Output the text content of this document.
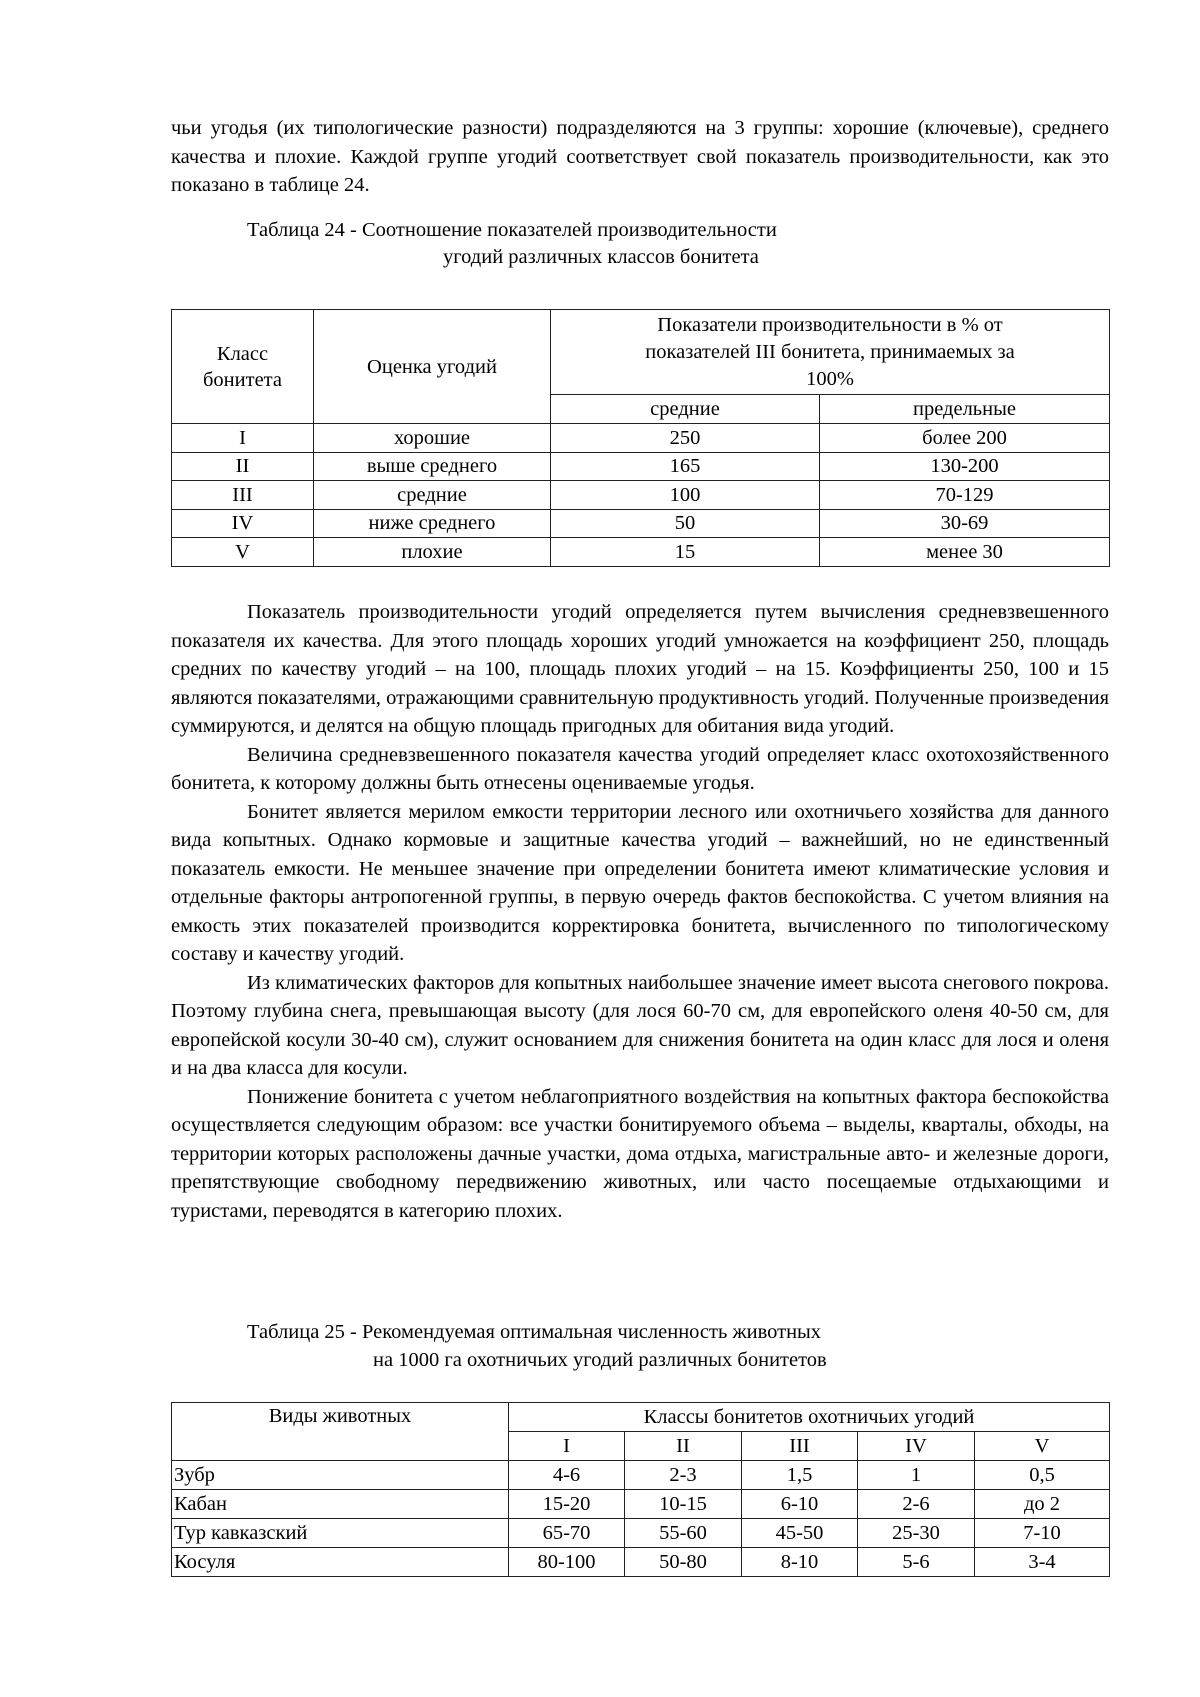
чьи угодья (их типологические разности) подразделяются на 3 группы: хорошие (ключевые), среднего качества и плохие. Каждой группе угодий соответствует свой показатель производительности, как это показано в таблице 24.

Таблица 24 - Соотношение показателей производительности
угодий различных классов бонитета
Класс бонитета	Оценка угодий	Показатели производительности в % от показателей III бонитета, принимаемых за 100%	
		средние	предельные
I	хорошие	250	более 200
II	выше среднего	165	130-200
III	средние	100	70-129
IV	ниже среднего	50	30-69
V	плохие	15	менее 30

Показатель производительности угодий определяется путем вычисления средневзвешенного показателя их качества. Для этого площадь хороших угодий умножается на коэффициент 250, площадь средних по качеству угодий – на 100, площадь плохих угодий – на 15. Коэффициенты 250, 100 и 15 являются показателями, отражающими сравнительную продуктивность угодий. Полученные произведения суммируются, и делятся на общую площадь пригодных для обитания вида угодий.

Величина средневзвешенного показателя качества угодий определяет класс охотохозяйственного бонитета, к которому должны быть отнесены оцениваемые угодья.

Бонитет является мерилом емкости территории лесного или охотничьего хозяйства для данного вида копытных. Однако кормовые и защитные качества угодий – важнейший, но не единственный показатель емкости. Не меньшее значение при определении бонитета имеют климатические условия и отдельные факторы антропогенной группы, в первую очередь фактов беспокойства. С учетом влияния на емкость этих показателей производится корректировка бонитета, вычисленного по типологическому составу и качеству угодий.

Из климатических факторов для копытных наибольшее значение имеет высота снегового покрова. Поэтому глубина снега, превышающая высоту (для лося 60-70 см, для европейского оленя 40-50 см, для европейской косули 30-40 см), служит основанием для снижения бонитета на один класс для лося и оленя и на два класса для косули.

Понижение бонитета с учетом неблагоприятного воздействия на копытных фактора беспокойства осуществляется следующим образом: все участки бонитируемого объема – выделы, кварталы, обходы, на территории которых расположены дачные участки, дома отдыха, магистральные авто- и железные дороги, препятствующие свободному передвижению животных, или часто посещаемые отдыхающими и туристами, переводятся в категорию плохих.

Таблица 25 - Рекомендуемая оптимальная численность животных
на 1000 га охотничьих угодий различных бонитетов
Виды животных	Классы бонитетов охотничьих угодий				
	I	II	III	IV	V
Зубр	4-6	2-3	1,5	1	0,5
Кабан	15-20	10-15	6-10	2-6	до 2
Тур кавказский	65-70	55-60	45-50	25-30	7-10
Косуля	80-100	50-80	8-10	5-6	3-4
